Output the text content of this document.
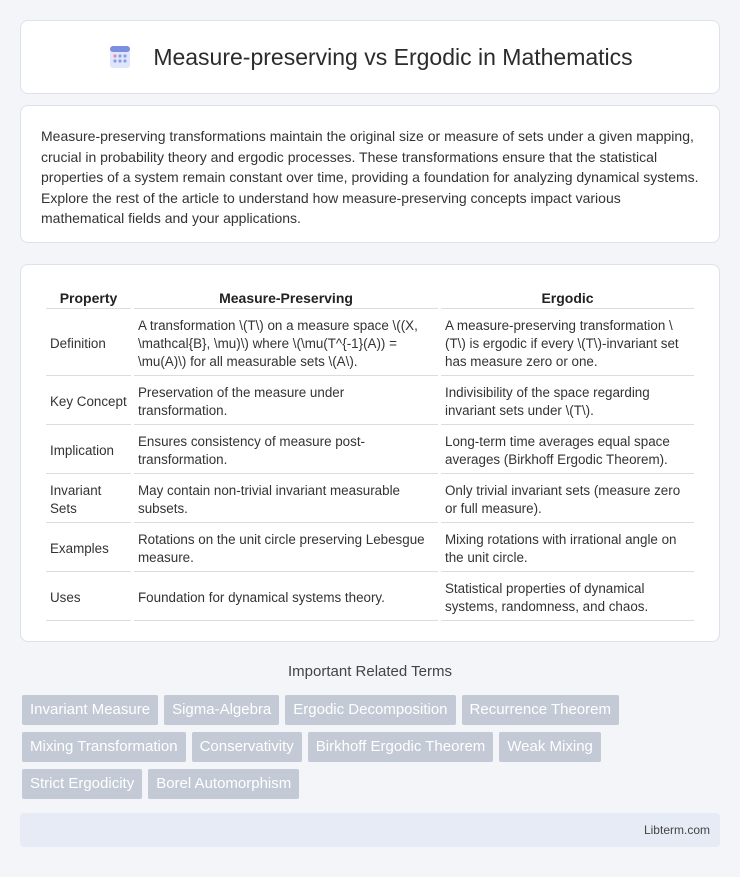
Measure-preserving vs Ergodic in Mathematics

Measure-preserving transformations maintain the original size or measure of sets under a given mapping, crucial in probability theory and ergodic processes. These transformations ensure that the statistical properties of a system remain constant over time, providing a foundation for analyzing dynamical systems. Explore the rest of the article to understand how measure-preserving concepts impact various mathematical fields and your applications.

Property	Measure-Preserving	Ergodic
Definition	A transformation \(T\) on a measure space \((X, \mathcal{B}, \mu)\) where \(\mu(T^{-1}(A)) = \mu(A)\) for all measurable sets \(A\).	A measure-preserving transformation \(T\) is ergodic if every \(T\)-invariant set has measure zero or one.
Key Concept	Preservation of the measure under transformation.	Indivisibility of the space regarding invariant sets under \(T\).
Implication	Ensures consistency of measure post-transformation.	Long-term time averages equal space averages (Birkhoff Ergodic Theorem).
Invariant Sets	May contain non-trivial invariant measurable subsets.	Only trivial invariant sets (measure zero or full measure).
Examples	Rotations on the unit circle preserving Lebesgue measure.	Mixing rotations with irrational angle on the unit circle.
Uses	Foundation for dynamical systems theory.	Statistical properties of dynamical systems, randomness, and chaos.
Important Related Terms
Invariant Measure	Sigma-Algebra	Ergodic Decomposition	Recurrence Theorem
Mixing Transformation	Conservativity	Birkhoff Ergodic Theorem	Weak Mixing
Strict Ergodicity	Borel Automorphism
Libterm.com
